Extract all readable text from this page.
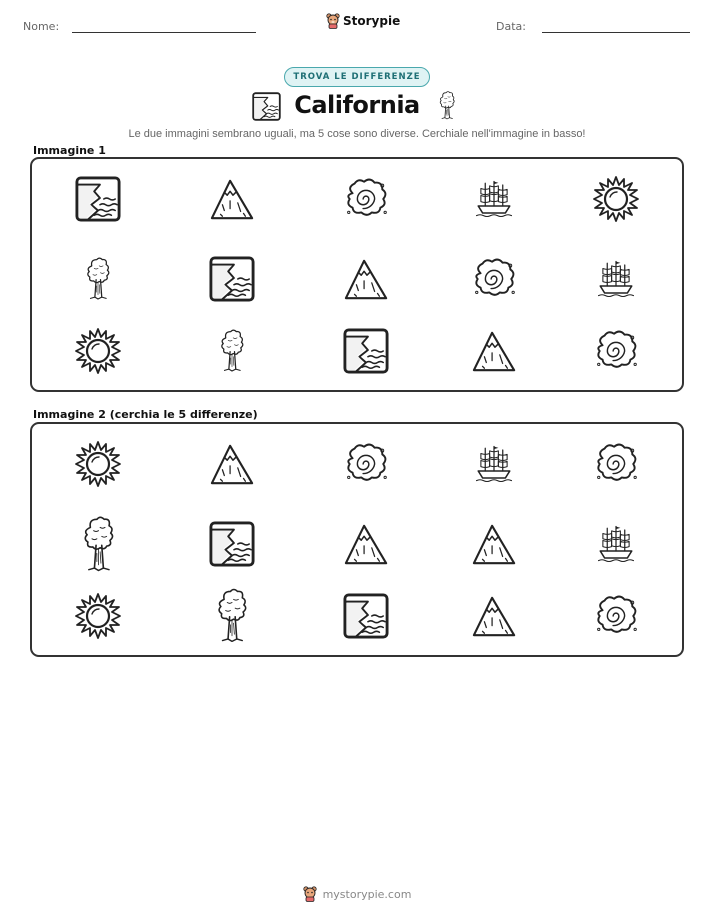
Nome:	Storypie	Data:
TROVA LE DIFFERENZE
California
Le due immagini sembrano uguali, ma 5 cose sono diverse. Cerchiale nell'immagine in basso!
Immagine 1
Immagine 2 (cerchia le 5 differenze)
mystorypie.com
